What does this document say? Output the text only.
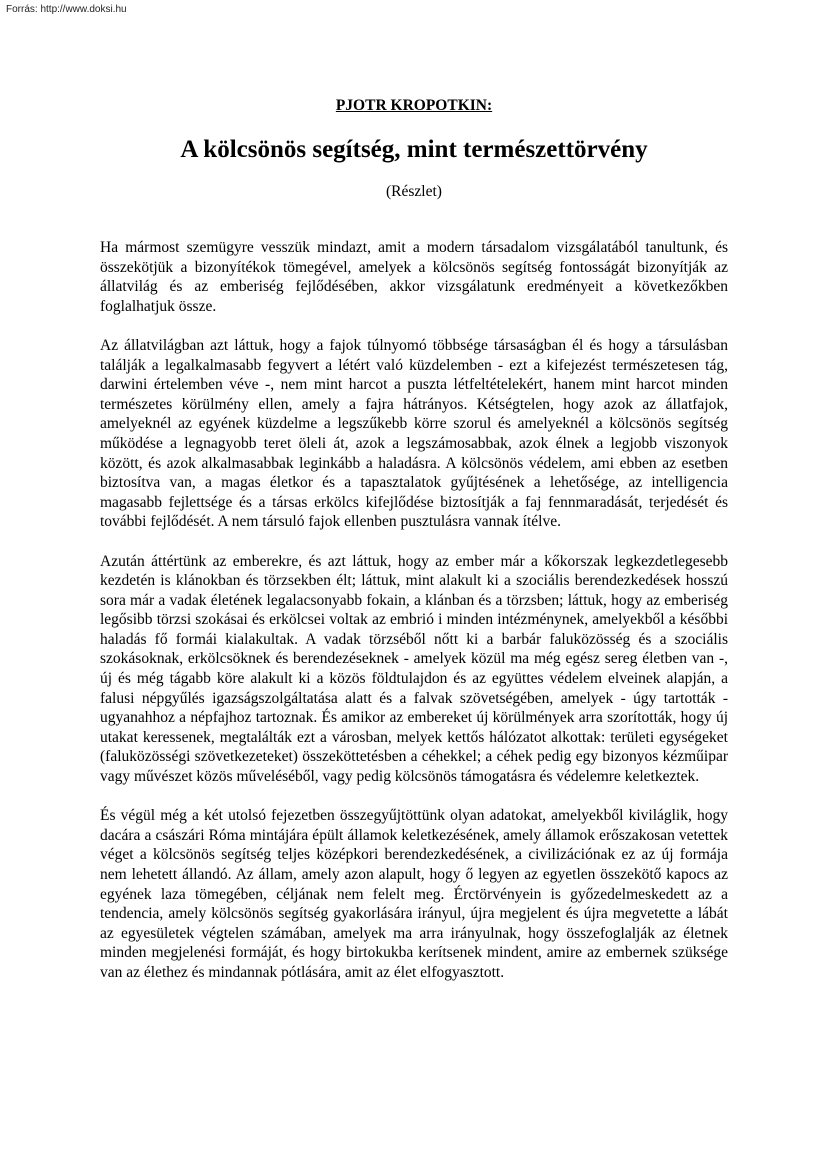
Forrás: http://www.doksi.hu
PJOTR KROPOTKIN:
A kölcsönös segítség, mint természettörvény
(Részlet)

Ha mármost szemügyre vesszük mindazt, amit a modern társadalom vizsgálatából tanultunk, és összekötjük a bizonyítékok tömegével, amelyek a kölcsönös segítség fontosságát bizonyítják az állatvilág és az emberiség fejlődésében, akkor vizsgálatunk eredményeit a következőkben foglalhatjuk össze.

Az állatvilágban azt láttuk, hogy a fajok túlnyomó többsége társaságban él és hogy a társulásban találják a legalkalmasabb fegyvert a létért való küzdelemben - ezt a kifejezést természetesen tág, darwini értelemben véve -, nem mint harcot a puszta létfeltételekért, hanem mint harcot minden természetes körülmény ellen, amely a fajra hátrányos. Kétségtelen, hogy azok az állatfajok, amelyeknél az egyének küzdelme a legszűkebb körre szorul és amelyeknél a kölcsönös segítség működése a legnagyobb teret öleli át, azok a legszámosabbak, azok élnek a legjobb viszonyok között, és azok alkalmasabbak leginkább a haladásra. A kölcsönös védelem, ami ebben az esetben biztosítva van, a magas életkor és a tapasztalatok gyűjtésének a lehetősége, az intelligencia magasabb fejlettsége és a társas erkölcs kifejlődése biztosítják a faj fennmaradását, terjedését és további fejlődését. A nem társuló fajok ellenben pusztulásra vannak ítélve.

Azután áttértünk az emberekre, és azt láttuk, hogy az ember már a kőkorszak legkezdetlegesebb kezdetén is klánokban és törzsekben élt; láttuk, mint alakult ki a szociális berendezkedések hosszú sora már a vadak életének legalacsonyabb fokain, a klánban és a törzsben; láttuk, hogy az emberiség legősibb törzsi szokásai és erkölcsei voltak az embrió i minden intézménynek, amelyekből a későbbi haladás fő formái kialakultak. A vadak törzséből nőtt ki a barbár faluközösség és a szociális szokásoknak, erkölcsöknek és berendezéseknek - amelyek közül ma még egész sereg életben van -, új és még tágabb köre alakult ki a közös földtulajdon és az együttes védelem elveinek alapján, a falusi népgyűlés igazságszolgáltatása alatt és a falvak szövetségében, amelyek - úgy tartották - ugyanahhoz a népfajhoz tartoznak. És amikor az embereket új körülmények arra szorították, hogy új utakat keressenek, megtalálták ezt a városban, melyek kettős hálózatot alkottak: területi egységeket (faluközösségi szövetkezeteket) összeköttetésben a céhekkel; a céhek pedig egy bizonyos kézműipar vagy művészet közös műveléséből, vagy pedig kölcsönös támogatásra és védelemre keletkeztek.

És végül még a két utolsó fejezetben összegyűjtöttünk olyan adatokat, amelyekből kiviláglik, hogy dacára a császári Róma mintájára épült államok keletkezésének, amely államok erőszakosan vetettek véget a kölcsönös segítség teljes középkori berendezkedésének, a civilizációnak ez az új formája nem lehetett állandó. Az állam, amely azon alapult, hogy ő legyen az egyetlen összekötő kapocs az egyének laza tömegében, céljának nem felelt meg. Érctörvényein is győzedelmeskedett az a tendencia, amely kölcsönös segítség gyakorlására irányul, újra megjelent és újra megvetette a lábát az egyesületek végtelen számában, amelyek ma arra irányulnak, hogy összefoglalják az életnek minden megjelenési formáját, és hogy birtokukba kerítsenek mindent, amire az embernek szüksége van az élethez és mindannak pótlására, amit az élet elfogyasztott.
